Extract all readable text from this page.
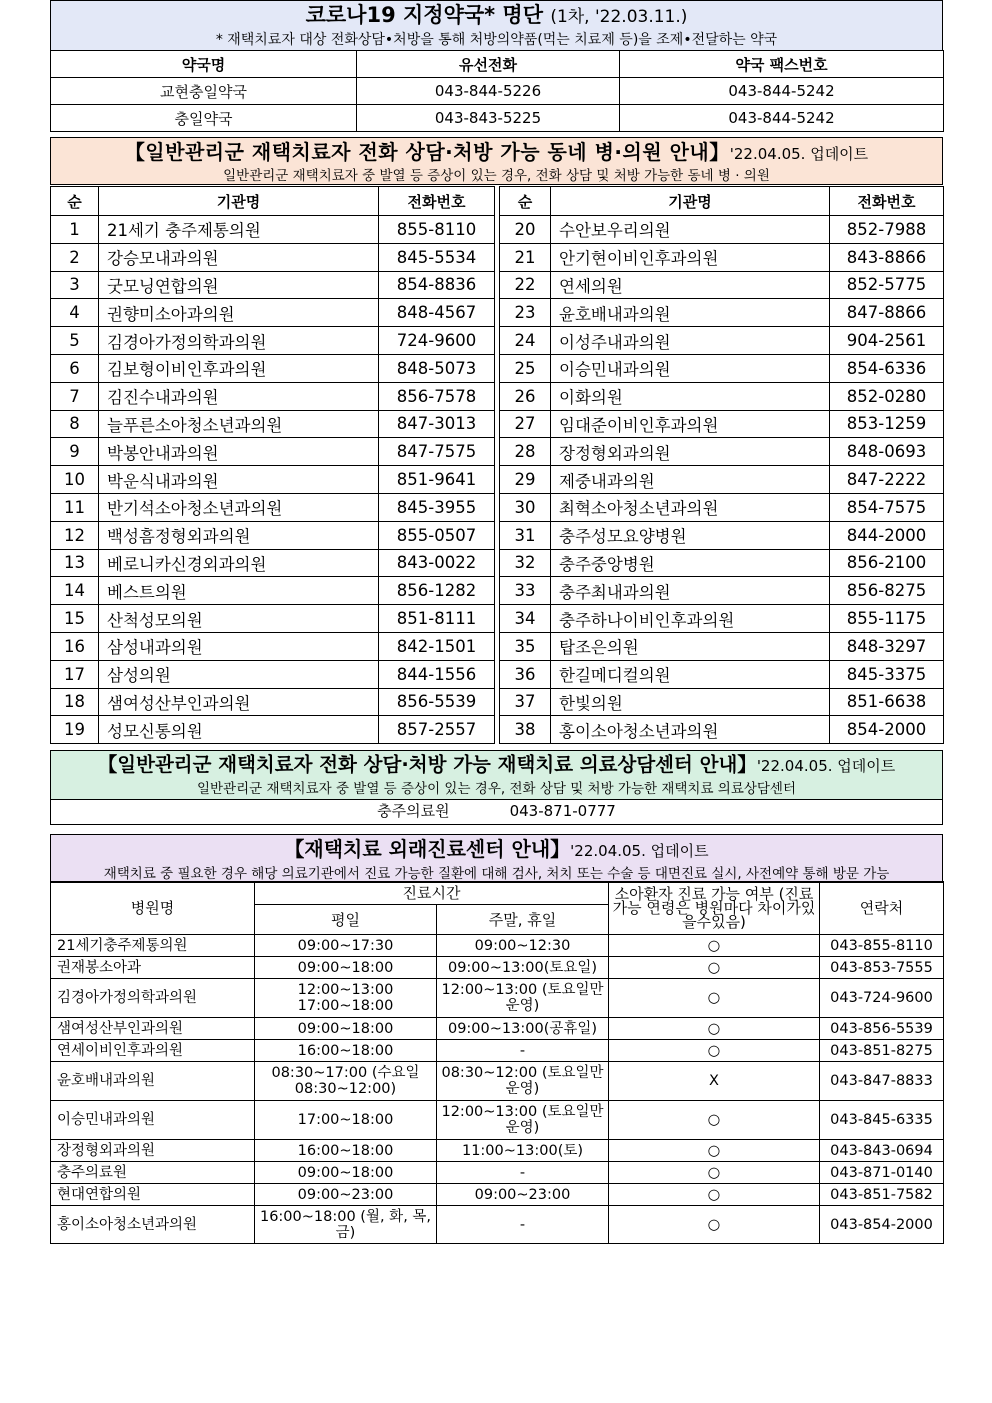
코로나19 지정약국* 명단 (1차, '22.03.11.)
* 재택치료자 대상 전화상담•처방을 통해 처방의약품(먹는 치료제 등)을 조제•전달하는 약국
약국명	유선전화	약국 팩스번호
교현충일약국	043-844-5226	043-844-5242
충일약국	043-843-5225	043-844-5242
【일반관리군 재택치료자 전화 상담·처방 가능 동네 병·의원 안내】'22.04.05. 업데이트
일반관리군 재택치료자 중 발열 등 증상이 있는 경우, 전화 상담 및 처방 가능한 동네 병 · 의원
순	기관명	전화번호
1	21세기 충주제통의원	855-8110
2	강승모내과의원	845-5534
3	굿모닝연합의원	854-8836
4	권향미소아과의원	848-4567
5	김경아가정의학과의원	724-9600
6	김보형이비인후과의원	848-5073
7	김진수내과의원	856-7578
8	늘푸른소아청소년과의원	847-3013
9	박봉안내과의원	847-7575
10	박운식내과의원	851-9641
11	반기석소아청소년과의원	845-3955
12	백성흠정형외과의원	855-0507
13	베로니카신경외과의원	843-0022
14	베스트의원	856-1282
15	산척성모의원	851-8111
16	삼성내과의원	842-1501
17	삼성의원	844-1556
18	샘여성산부인과의원	856-5539
19	성모신통의원	857-2557
순	기관명	전화번호
20	수안보우리의원	852-7988
21	안기현이비인후과의원	843-8866
22	연세의원	852-5775
23	윤호배내과의원	847-8866
24	이성주내과의원	904-2561
25	이승민내과의원	854-6336
26	이화의원	852-0280
27	임대준이비인후과의원	853-1259
28	장정형외과의원	848-0693
29	제중내과의원	847-2222
30	최혁소아청소년과의원	854-7575
31	충주성모요양병원	844-2000
32	충주중앙병원	856-2100
33	충주최내과의원	856-8275
34	충주하나이비인후과의원	855-1175
35	탑조은의원	848-3297
36	한길메디컬의원	845-3375
37	한빛의원	851-6638
38	홍이소아청소년과의원	854-2000
【일반관리군 재택치료자 전화 상담·처방 가능 재택치료 의료상담센터 안내】'22.04.05. 업데이트
일반관리군 재택치료자 중 발열 등 증상이 있는 경우, 전화 상담 및 처방 가능한 재택치료 의료상담센터
충주의료원	043-871-0777
【재택치료 외래진료센터 안내】'22.04.05. 업데이트
재택치료 중 필요한 경우 해당 의료기관에서 진료 가능한 질환에 대해 검사, 처치 또는 수술 등 대면진료 실시, 사전예약 통해 방문 가능
병원명	진료시간		소아환자 진료 가능 여부 (진료 가능 연령은 병원마다 차이가있을수있음)	연락처
	평일	주말, 휴일		
21세기충주제통의원	09:00~17:30	09:00~12:30	○	043-855-8110
권재봉소아과	09:00~18:00	09:00~13:00(토요일)	○	043-853-7555
김경아가정의학과의원	12:00~13:00 17:00~18:00	12:00~13:00 (토요일만 운영)	○	043-724-9600
샘여성산부인과의원	09:00~18:00	09:00~13:00(공휴일)	○	043-856-5539
연세이비인후과의원	16:00~18:00	-	○	043-851-8275
윤호배내과의원	08:30~17:00 (수요일 08:30~12:00)	08:30~12:00 (토요일만 운영)	X	043-847-8833
이승민내과의원	17:00~18:00	12:00~13:00 (토요일만 운영)	○	043-845-6335
장정형외과의원	16:00~18:00	11:00~13:00(토)	○	043-843-0694
충주의료원	09:00~18:00	-	○	043-871-0140
현대연합의원	09:00~23:00	09:00~23:00	○	043-851-7582
홍이소아청소년과의원	16:00~18:00 (월, 화, 목, 금)	-	○	043-854-2000
